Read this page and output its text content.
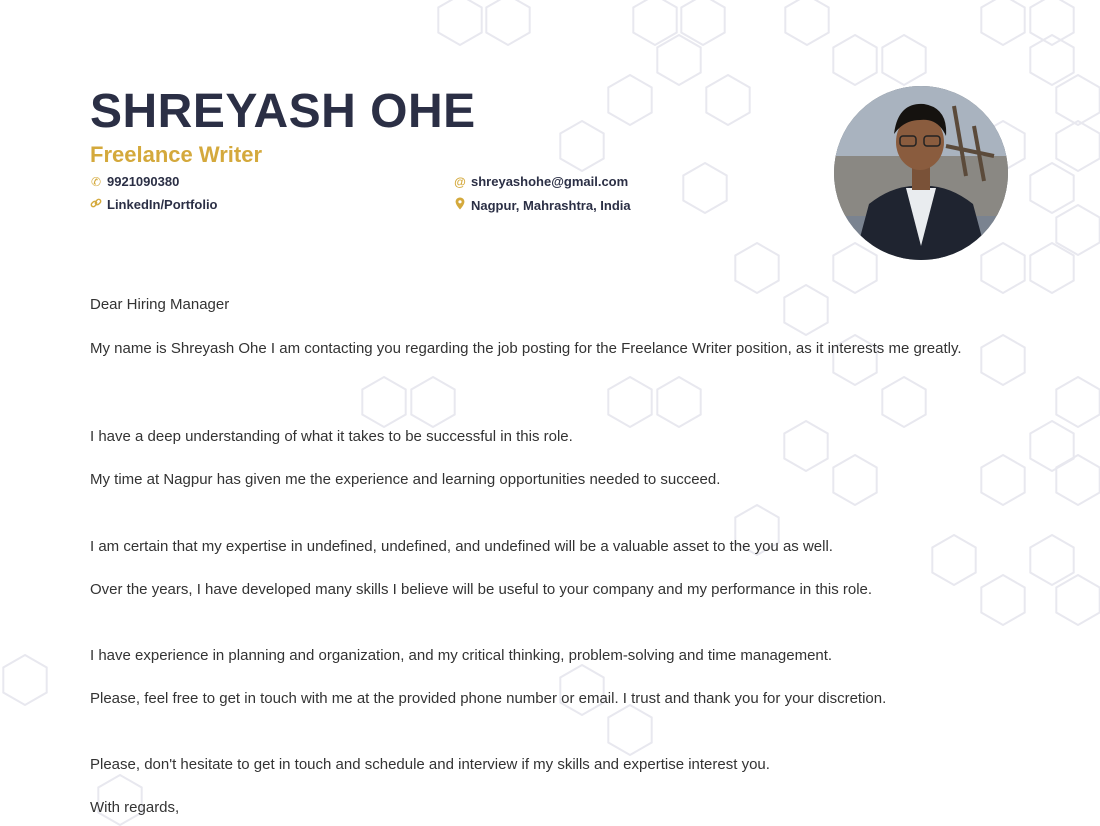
SHREYASH OHE
Freelance Writer
✆ 9921090380
LinkedIn/Portfolio
@ shreyashohe@gmail.com
Nagpur, Mahrashtra, India

Dear Hiring Manager

My name is Shreyash Ohe I am contacting you regarding the job posting for the Freelance Writer position, as it interests me greatly.

I have a deep understanding of what it takes to be successful in this role.

My time at Nagpur has given me the experience and learning opportunities needed to succeed.

I am certain that my expertise in undefined, undefined, and undefined will be a valuable asset to the you as well.

Over the years, I have developed many skills I believe will be useful to your company and my performance in this role.

I have experience in planning and organization, and my critical thinking, problem-solving and time management.

Please, feel free to get in touch with me at the provided phone number or email. I trust and thank you for your discretion.

Please, don't hesitate to get in touch and schedule and interview if my skills and expertise interest you.

With regards,
